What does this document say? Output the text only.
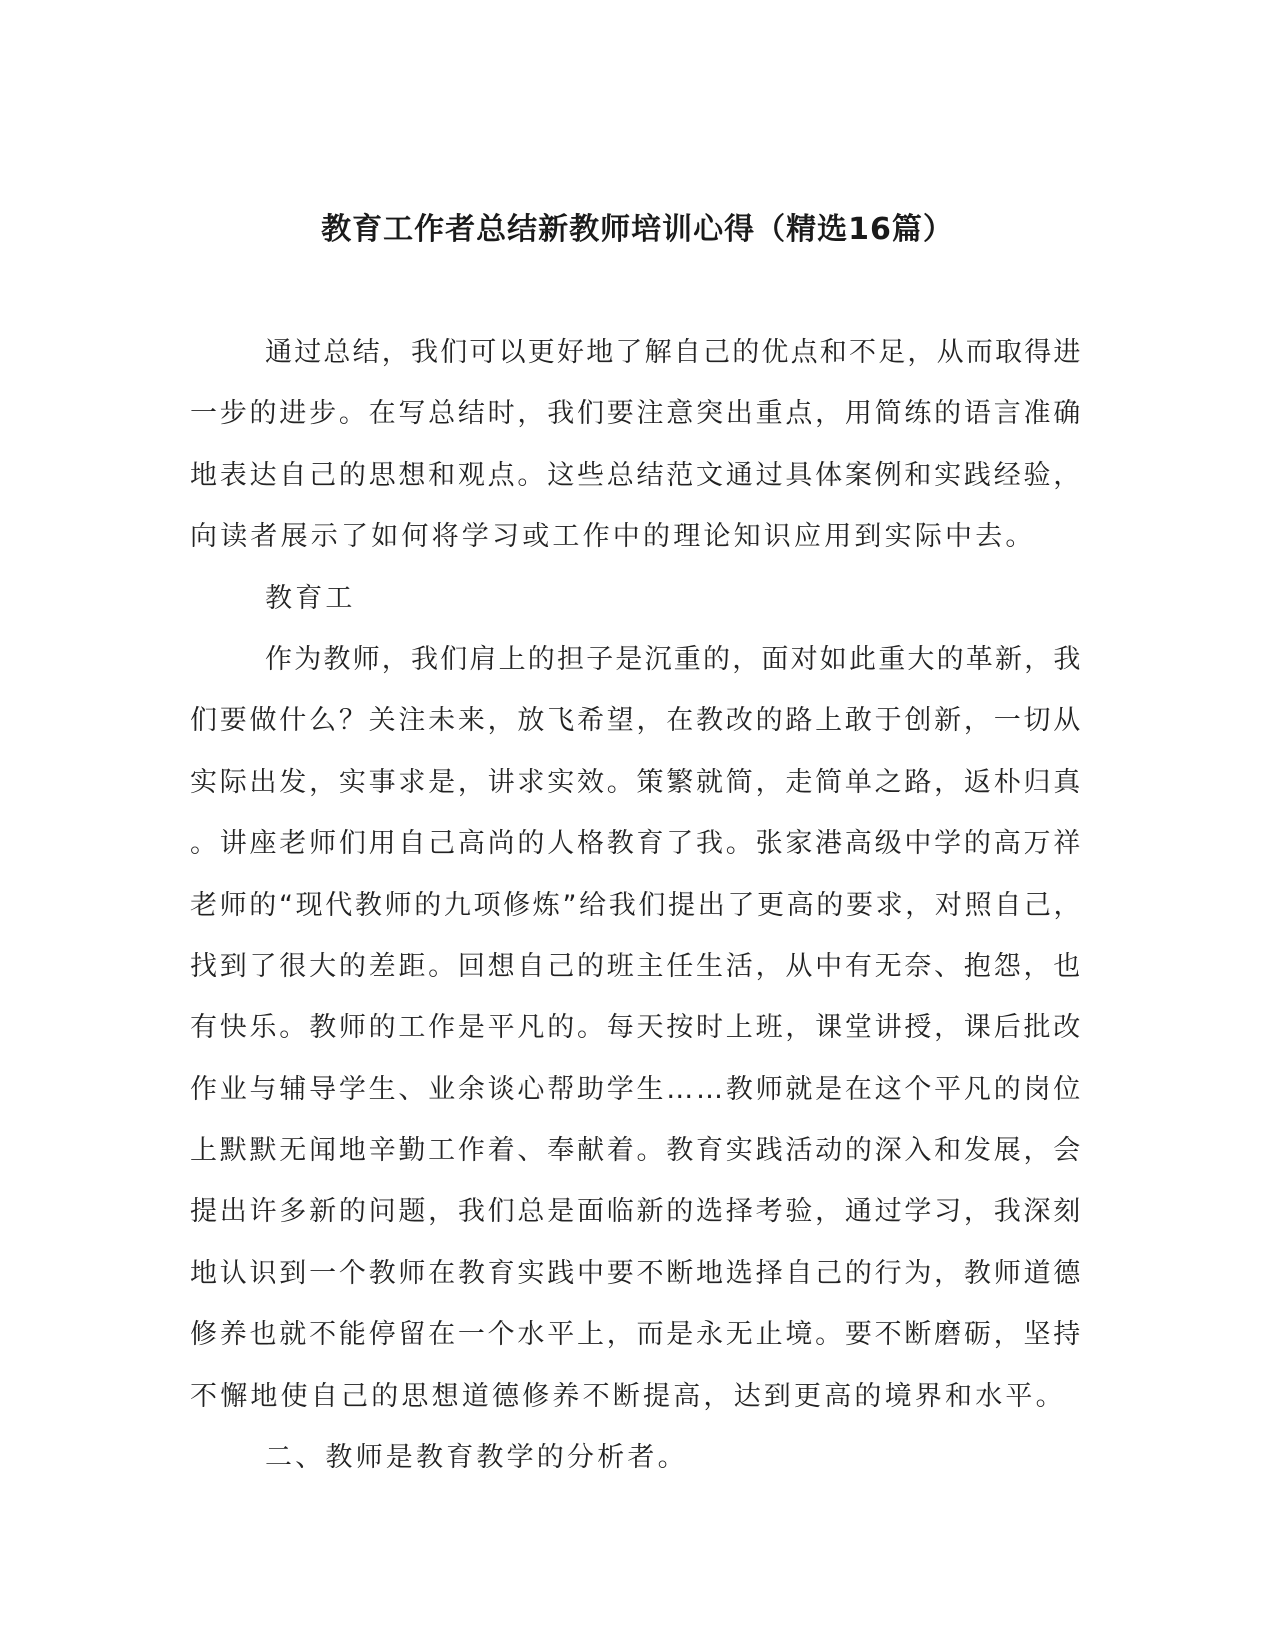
教育工作者总结新教师培训心得（精选16篇）
通过总结，我们可以更好地了解自己的优点和不足，从而取得进
一步的进步。在写总结时，我们要注意突出重点，用简练的语言准确
地表达自己的思想和观点。这些总结范文通过具体案例和实践经验，
向读者展示了如何将学习或工作中的理论知识应用到实际中去。
教育工
作为教师，我们肩上的担子是沉重的，面对如此重大的革新，我
们要做什么？关注未来，放飞希望，在教改的路上敢于创新，一切从
实际出发，实事求是，讲求实效。策繁就简，走简单之路，返朴归真
。讲座老师们用自己高尚的人格教育了我。张家港高级中学的高万祥
老师的“现代教师的九项修炼”给我们提出了更高的要求，对照自己，
找到了很大的差距。回想自己的班主任生活，从中有无奈、抱怨，也
有快乐。教师的工作是平凡的。每天按时上班，课堂讲授，课后批改
作业与辅导学生、业余谈心帮助学生……教师就是在这个平凡的岗位
上默默无闻地辛勤工作着、奉献着。教育实践活动的深入和发展，会
提出许多新的问题，我们总是面临新的选择考验，通过学习，我深刻
地认识到一个教师在教育实践中要不断地选择自己的行为，教师道德
修养也就不能停留在一个水平上，而是永无止境。要不断磨砺，坚持
不懈地使自己的思想道德修养不断提高，达到更高的境界和水平。
二、教师是教育教学的分析者。
